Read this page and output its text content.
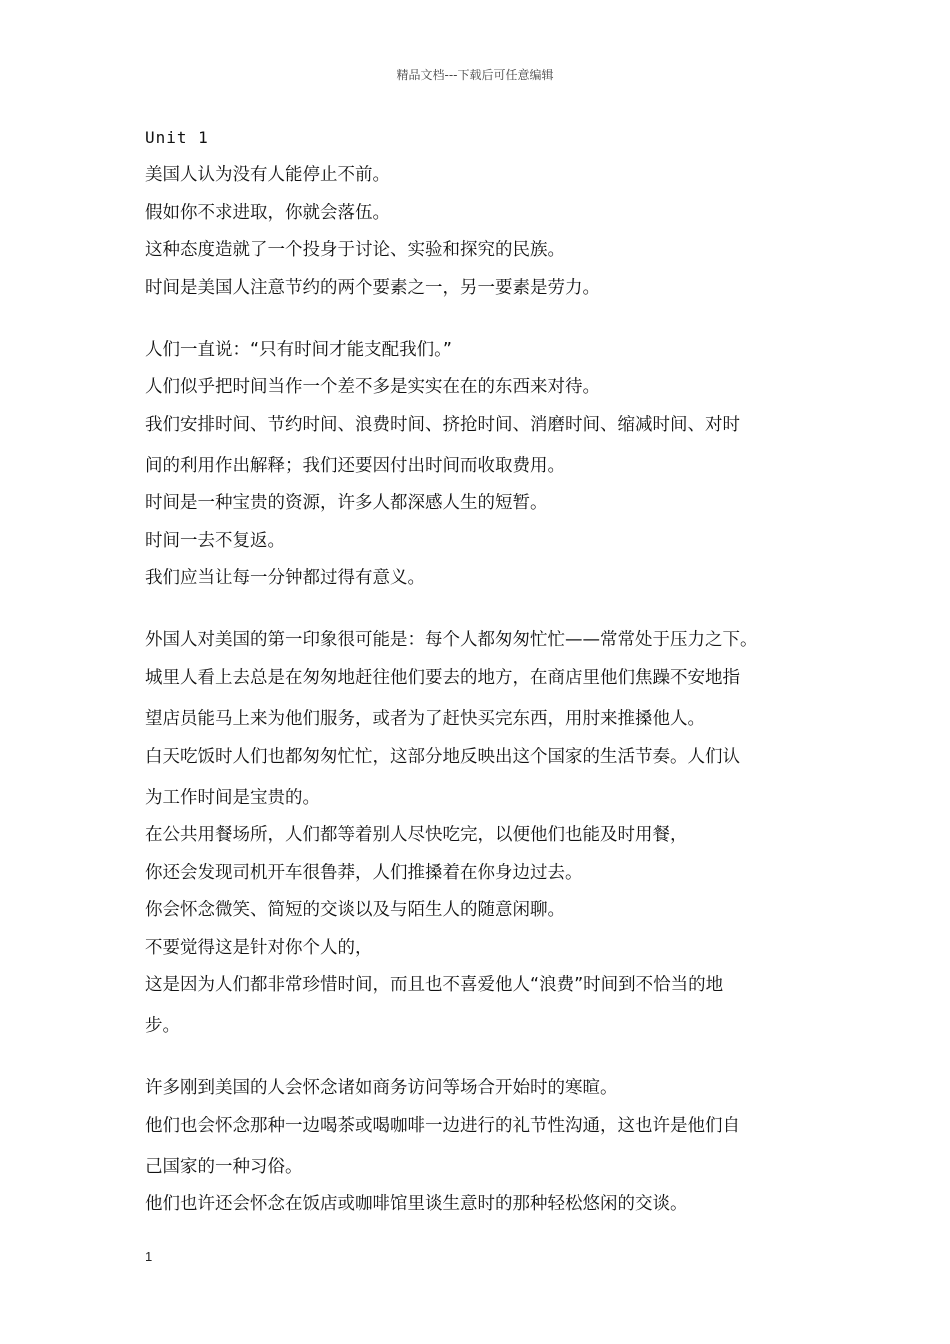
精品文档---下载后可任意编辑
Unit 1
美国人认为没有人能停止不前。
假如你不求进取，你就会落伍。
这种态度造就了一个投身于讨论、实验和探究的民族。
时间是美国人注意节约的两个要素之一，另一要素是劳力。
人们一直说：“只有时间才能支配我们。”
人们似乎把时间当作一个差不多是实实在在的东西来对待。
我们安排时间、节约时间、浪费时间、挤抢时间、消磨时间、缩减时间、对时
间的利用作出解释；我们还要因付出时间而收取费用。
时间是一种宝贵的资源，许多人都深感人生的短暂。
时间一去不复返。
我们应当让每一分钟都过得有意义。
外国人对美国的第一印象很可能是：每个人都匆匆忙忙——常常处于压力之下。
城里人看上去总是在匆匆地赶往他们要去的地方，在商店里他们焦躁不安地指
望店员能马上来为他们服务，或者为了赶快买完东西，用肘来推搡他人。
白天吃饭时人们也都匆匆忙忙，这部分地反映出这个国家的生活节奏。人们认
为工作时间是宝贵的。
在公共用餐场所，人们都等着别人尽快吃完，以便他们也能及时用餐，
你还会发现司机开车很鲁莽，人们推搡着在你身边过去。
你会怀念微笑、简短的交谈以及与陌生人的随意闲聊。
不要觉得这是针对你个人的，
这是因为人们都非常珍惜时间，而且也不喜爱他人“浪费”时间到不恰当的地
步。
许多刚到美国的人会怀念诸如商务访问等场合开始时的寒暄。
他们也会怀念那种一边喝茶或喝咖啡一边进行的礼节性沟通，这也许是他们自
己国家的一种习俗。
他们也许还会怀念在饭店或咖啡馆里谈生意时的那种轻松悠闲的交谈。
1
